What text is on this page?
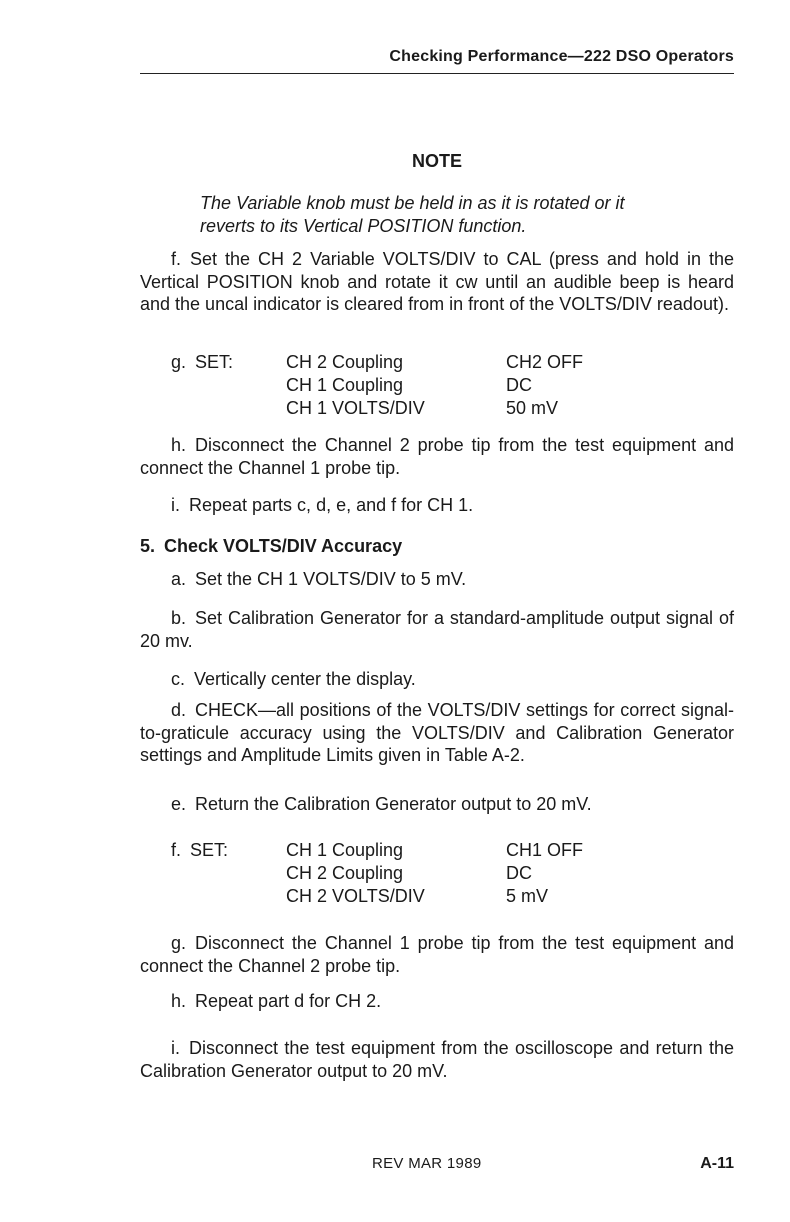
Checking Performance—222 DSO Operators
NOTE
The Variable knob must be held in as it is rotated or it reverts to its Vertical POSITION function.

f. Set the CH 2 Variable VOLTS/DIV to CAL (press and hold in the Vertical POSITION knob and rotate it cw until an audible beep is heard and the uncal indicator is cleared from in front of the VOLTS/DIV readout).

g. SET:	CH 2 Coupling	CH2 OFF
CH 1 Coupling	DC
CH 1 VOLTS/DIV	50 mV

h. Disconnect the Channel 2 probe tip from the test equipment and connect the Channel 1 probe tip.

i. Repeat parts c, d, e, and f for CH 1.

5. Check VOLTS/DIV Accuracy

a. Set the CH 1 VOLTS/DIV to 5 mV.

b. Set Calibration Generator for a standard-amplitude output signal of 20 mv.

c. Vertically center the display.

d. CHECK—all positions of the VOLTS/DIV settings for correct signal-to-graticule accuracy using the VOLTS/DIV and Calibration Generator settings and Amplitude Limits given in Table A-2.

e. Return the Calibration Generator output to 20 mV.

f. SET:	CH 1 Coupling	CH1 OFF
CH 2 Coupling	DC
CH 2 VOLTS/DIV	5 mV

g. Disconnect the Channel 1 probe tip from the test equipment and connect the Channel 2 probe tip.

h. Repeat part d for CH 2.

i. Disconnect the test equipment from the oscilloscope and return the Calibration Generator output to 20 mV.

REV MAR 1989	A-11
